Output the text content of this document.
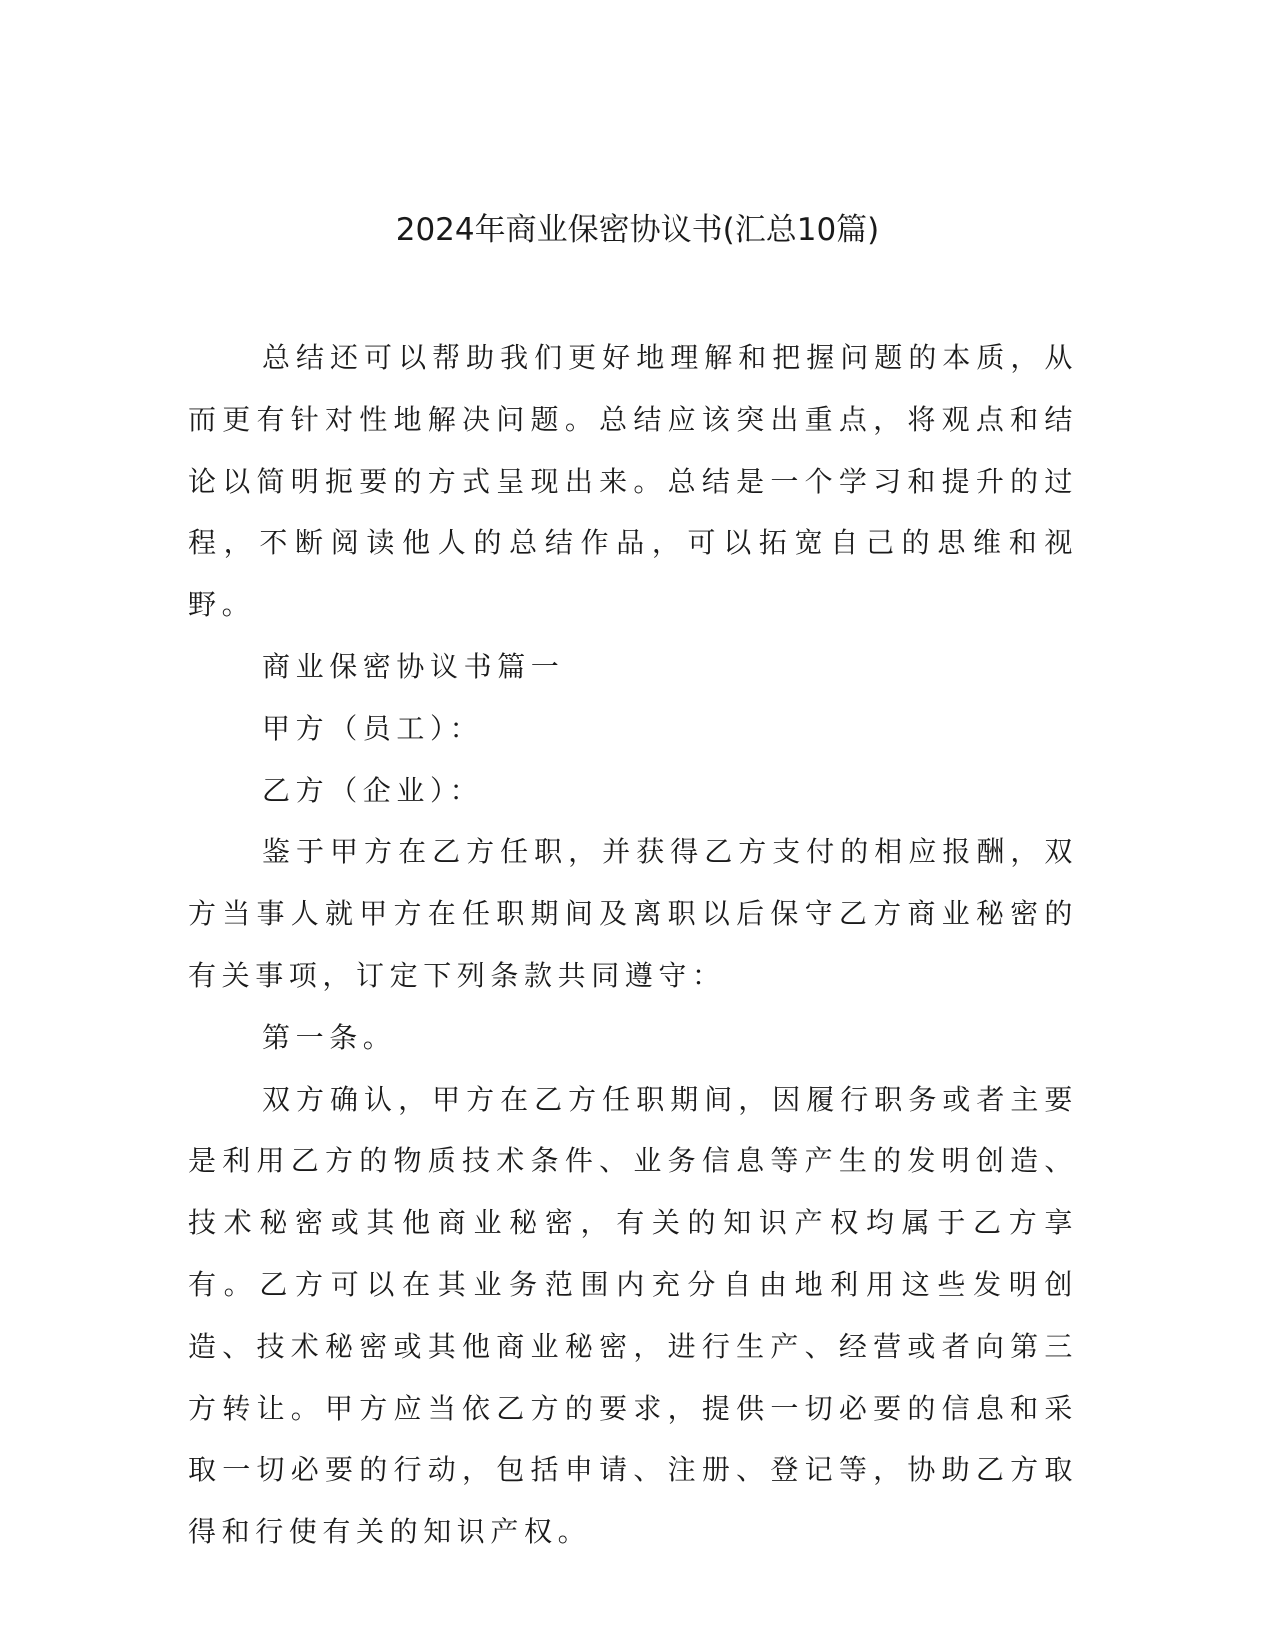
2024年商业保密协议书(汇总10篇)

总结还可以帮助我们更好地理解和把握问题的本质，从而更有针对性地解决问题。总结应该突出重点，将观点和结论以简明扼要的方式呈现出来。总结是一个学习和提升的过程，不断阅读他人的总结作品，可以拓宽自己的思维和视野。

商业保密协议书篇一

甲方（员工）：

乙方（企业）：

鉴于甲方在乙方任职，并获得乙方支付的相应报酬，双方当事人就甲方在任职期间及离职以后保守乙方商业秘密的有关事项，订定下列条款共同遵守：

第一条。

双方确认，甲方在乙方任职期间，因履行职务或者主要是利用乙方的物质技术条件、业务信息等产生的发明创造、技术秘密或其他商业秘密，有关的知识产权均属于乙方享有。乙方可以在其业务范围内充分自由地利用这些发明创造、技术秘密或其他商业秘密，进行生产、经营或者向第三方转让。甲方应当依乙方的要求，提供一切必要的信息和采取一切必要的行动，包括申请、注册、登记等，协助乙方取得和行使有关的知识产权。
